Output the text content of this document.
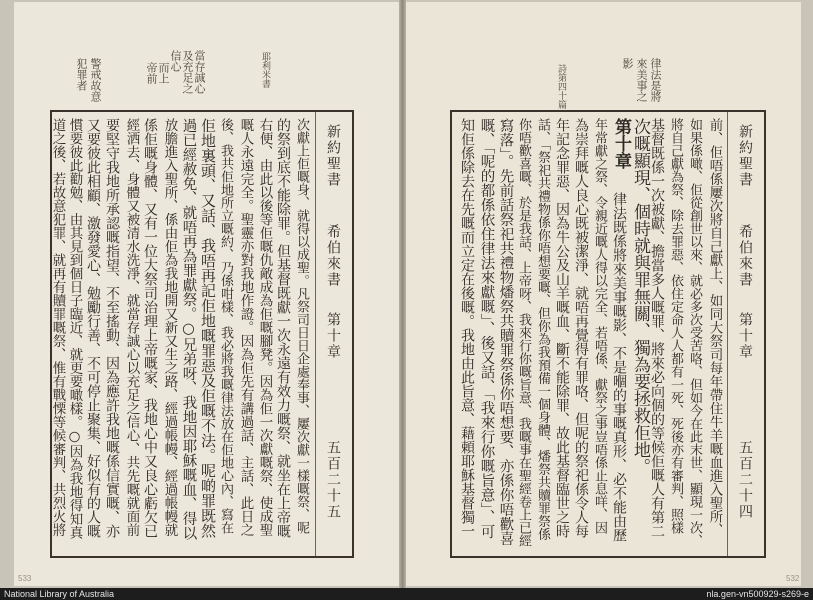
新約聖書
希伯來書
第十章
五百二十五
當存誠心
及充足之
信心
而上
帝前
警戒故意
犯罪者	耶利米書
次獻上佢嘅身、就得以成聖。凡祭司日日企處奉事、屢次獻一樣嘅祭、呢
的祭到底不能除罪。但基督既獻一次永遠有效力嘅祭、就坐在上帝嘅
右便、由此以後等佢嘅仇敵成為佢嘅腳凳。因為佢一次獻嘅祭、使成聖
嘅人永遠完全。聖靈亦對我地作證。因為佢先有講過話、主話、此日之
後、我共佢地所立嘅約、乃係咁樣、我必將我嘅律法放在佢地心內、寫在
佢地裏頭、又話、我唔再記佢地嘅罪惡及佢嘅不法。呢啲罪既然
過已經赦免、就唔再為罪獻祭。○兄弟呀、我地因耶穌嘅血、得以
放膽進入聖所、係由佢為我地開又新又生之路、經過帳幔、經過帳幔就
係佢嘅身體、又有一位大祭司治理上帝嘅家、我地心中又良心虧欠已
經洒去、身體又被清水洗淨、就當存誠心以充足之信心、共先嘅就面前
要堅守我地所承認嘅指望、不至搖動、因為應許我地嘅係信實嘅、亦
又要彼此相顧、激發愛心、勉勵行善、不可停止聚集、好似有的人嘅
慣要彼此勸勉、由其見到個日子臨近、就更要噉樣。○因為我地得知真
道之後、若故意犯罪、就再有贖罪嘅祭、惟有戰慄等候審判、共烈火將	新約聖書
希伯來書
第十章
五百二十四
律法是將
來美事之
影
詩第四十篇
前、佢唔係屢次將自己獻上、如同大祭司每年帶住牛羊嘅血進入聖所、
如果係噉、佢從創世以來、就必多次受苦咯、但如今在此末世、顯現一次、
將自己獻為祭、除去罪惡、依住定命人人都有一死、死後亦有審判、照樣
基督既係一次被獻、擔當多人嘅罪、將來必向個的等候佢嘅人有第二
次嘅顯現、個時就與罪無關、獨為要拯救佢地。
第十章
律法既係將來美事嘅影、不是嗰的事嘅真形、必不能由歷
年常獻之祭、令親近嘅人得以完全、若唔係、獻祭之事豈唔係止息咩、因
為崇拜嘅人良心既被潔淨、就唔再覺得有罪咯、但呢的祭祀係令人每
年記念罪惡、因為牛公及山羊嘅血、斷不能除罪、故此基督臨世之時
話、「祭祀共禮物係你唔想要嘅、但你為我預備一個身體、燔祭共贖罪祭係
你唔歡喜嘅、於是我話、上帝呀、我來行你嘅旨意、我嘅事在聖經卷上已經
寫落」。先前話祭祀共禮物燔祭共贖罪祭係你唔想要、亦係你唔歡喜
嘅、「呢的都係依住律法來獻嘅」、後又話、「我來行你嘅旨意」、可
知佢係除去在先嘅而立定在後嘅。我地由此旨意、藉頼耶穌基督獨一
533	532
National Library of Australia	nla.gen-vn500929-s269-e
